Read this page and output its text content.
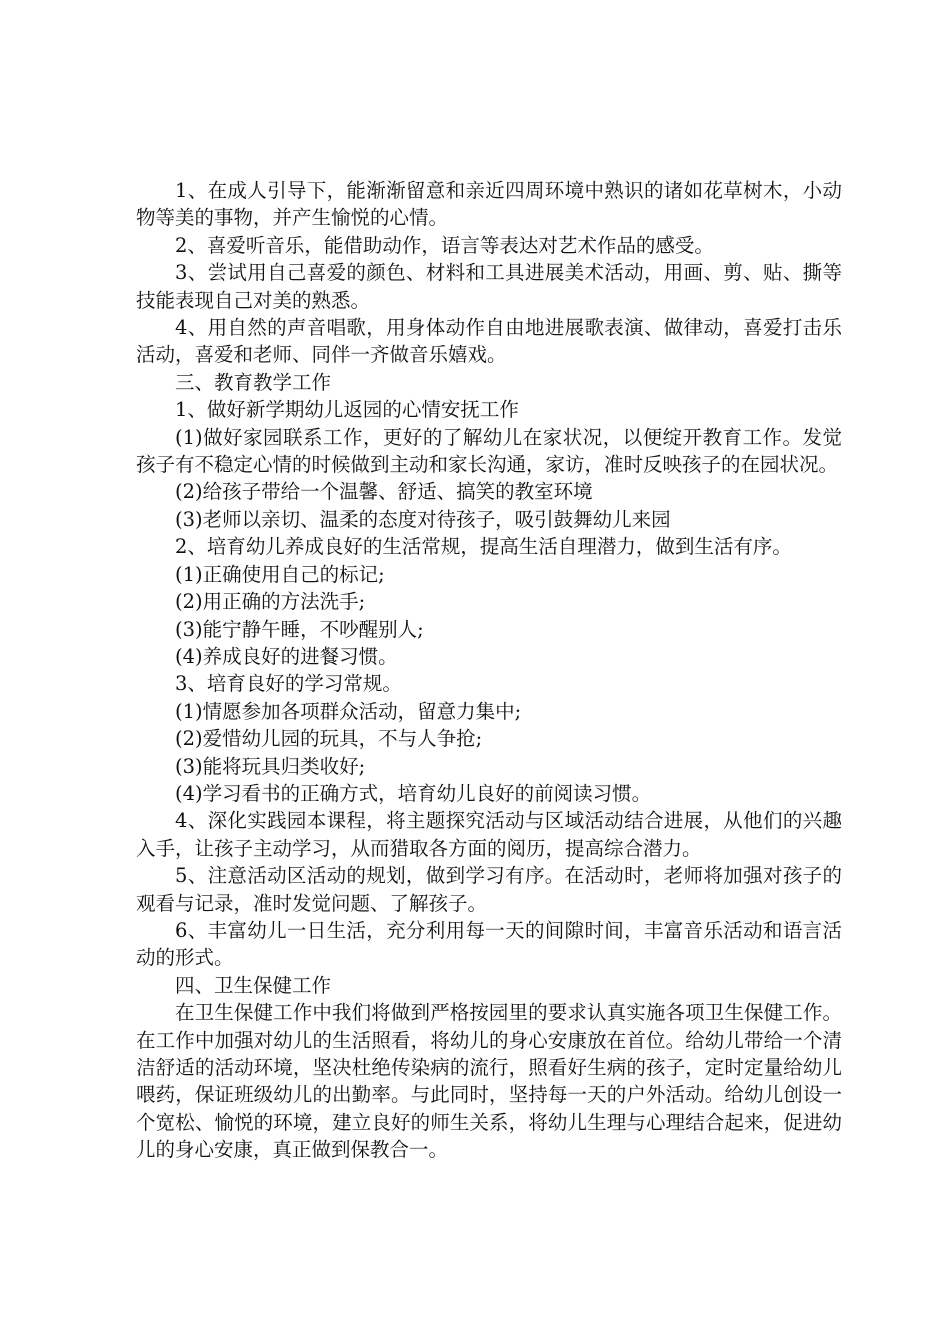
1、在成人引导下，能渐渐留意和亲近四周环境中熟识的诸如花草树木，小动物等美的事物，并产生愉悦的心情。

2、喜爱听音乐，能借助动作，语言等表达对艺术作品的感受。

3、尝试用自己喜爱的颜色、材料和工具进展美术活动，用画、剪、贴、撕等技能表现自己对美的熟悉。

4、用自然的声音唱歌，用身体动作自由地进展歌表演、做律动，喜爱打击乐活动，喜爱和老师、同伴一齐做音乐嬉戏。

三、教育教学工作

1、做好新学期幼儿返园的心情安抚工作

(1)做好家园联系工作，更好的了解幼儿在家状况，以便绽开教育工作。发觉孩子有不稳定心情的时候做到主动和家长沟通，家访，准时反映孩子的在园状况。

(2)给孩子带给一个温馨、舒适、搞笑的教室环境

(3)老师以亲切、温柔的态度对待孩子，吸引鼓舞幼儿来园

2、培育幼儿养成良好的生活常规，提高生活自理潜力，做到生活有序。

(1)正确使用自己的标记;

(2)用正确的方法洗手;

(3)能宁静午睡，不吵醒别人;

(4)养成良好的进餐习惯。

3、培育良好的学习常规。

(1)情愿参加各项群众活动，留意力集中;

(2)爱惜幼儿园的玩具，不与人争抢;

(3)能将玩具归类收好;

(4)学习看书的正确方式，培育幼儿良好的前阅读习惯。

4、深化实践园本课程，将主题探究活动与区域活动结合进展，从他们的兴趣入手，让孩子主动学习，从而猎取各方面的阅历，提高综合潜力。

5、注意活动区活动的规划，做到学习有序。在活动时，老师将加强对孩子的观看与记录，准时发觉问题、了解孩子。

6、丰富幼儿一日生活，充分利用每一天的间隙时间，丰富音乐活动和语言活动的形式。

四、卫生保健工作

在卫生保健工作中我们将做到严格按园里的要求认真实施各项卫生保健工作。在工作中加强对幼儿的生活照看，将幼儿的身心安康放在首位。给幼儿带给一个清洁舒适的活动环境，坚决杜绝传染病的流行，照看好生病的孩子，定时定量给幼儿喂药，保证班级幼儿的出勤率。与此同时，坚持每一天的户外活动。给幼儿创设一个宽松、愉悦的环境，建立良好的师生关系，将幼儿生理与心理结合起来，促进幼儿的身心安康，真正做到保教合一。
